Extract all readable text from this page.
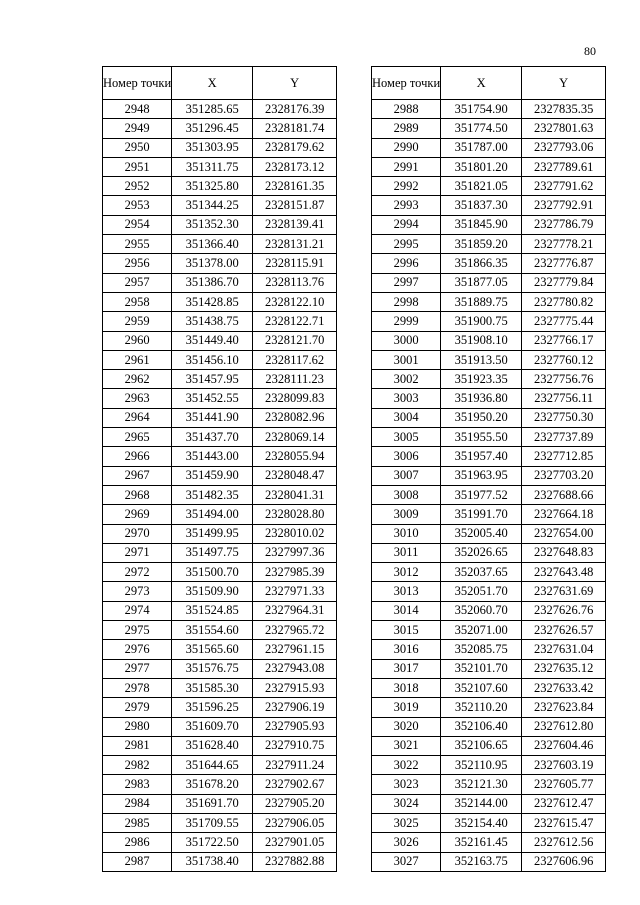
80
Номер точки	X	Y
2948	351285.65	2328176.39
2949	351296.45	2328181.74
2950	351303.95	2328179.62
2951	351311.75	2328173.12
2952	351325.80	2328161.35
2953	351344.25	2328151.87
2954	351352.30	2328139.41
2955	351366.40	2328131.21
2956	351378.00	2328115.91
2957	351386.70	2328113.76
2958	351428.85	2328122.10
2959	351438.75	2328122.71
2960	351449.40	2328121.70
2961	351456.10	2328117.62
2962	351457.95	2328111.23
2963	351452.55	2328099.83
2964	351441.90	2328082.96
2965	351437.70	2328069.14
2966	351443.00	2328055.94
2967	351459.90	2328048.47
2968	351482.35	2328041.31
2969	351494.00	2328028.80
2970	351499.95	2328010.02
2971	351497.75	2327997.36
2972	351500.70	2327985.39
2973	351509.90	2327971.33
2974	351524.85	2327964.31
2975	351554.60	2327965.72
2976	351565.60	2327961.15
2977	351576.75	2327943.08
2978	351585.30	2327915.93
2979	351596.25	2327906.19
2980	351609.70	2327905.93
2981	351628.40	2327910.75
2982	351644.65	2327911.24
2983	351678.20	2327902.67
2984	351691.70	2327905.20
2985	351709.55	2327906.05
2986	351722.50	2327901.05
2987	351738.40	2327882.88
Номер точки	X	Y
2988	351754.90	2327835.35
2989	351774.50	2327801.63
2990	351787.00	2327793.06
2991	351801.20	2327789.61
2992	351821.05	2327791.62
2993	351837.30	2327792.91
2994	351845.90	2327786.79
2995	351859.20	2327778.21
2996	351866.35	2327776.87
2997	351877.05	2327779.84
2998	351889.75	2327780.82
2999	351900.75	2327775.44
3000	351908.10	2327766.17
3001	351913.50	2327760.12
3002	351923.35	2327756.76
3003	351936.80	2327756.11
3004	351950.20	2327750.30
3005	351955.50	2327737.89
3006	351957.40	2327712.85
3007	351963.95	2327703.20
3008	351977.52	2327688.66
3009	351991.70	2327664.18
3010	352005.40	2327654.00
3011	352026.65	2327648.83
3012	352037.65	2327643.48
3013	352051.70	2327631.69
3014	352060.70	2327626.76
3015	352071.00	2327626.57
3016	352085.75	2327631.04
3017	352101.70	2327635.12
3018	352107.60	2327633.42
3019	352110.20	2327623.84
3020	352106.40	2327612.80
3021	352106.65	2327604.46
3022	352110.95	2327603.19
3023	352121.30	2327605.77
3024	352144.00	2327612.47
3025	352154.40	2327615.47
3026	352161.45	2327612.56
3027	352163.75	2327606.96
